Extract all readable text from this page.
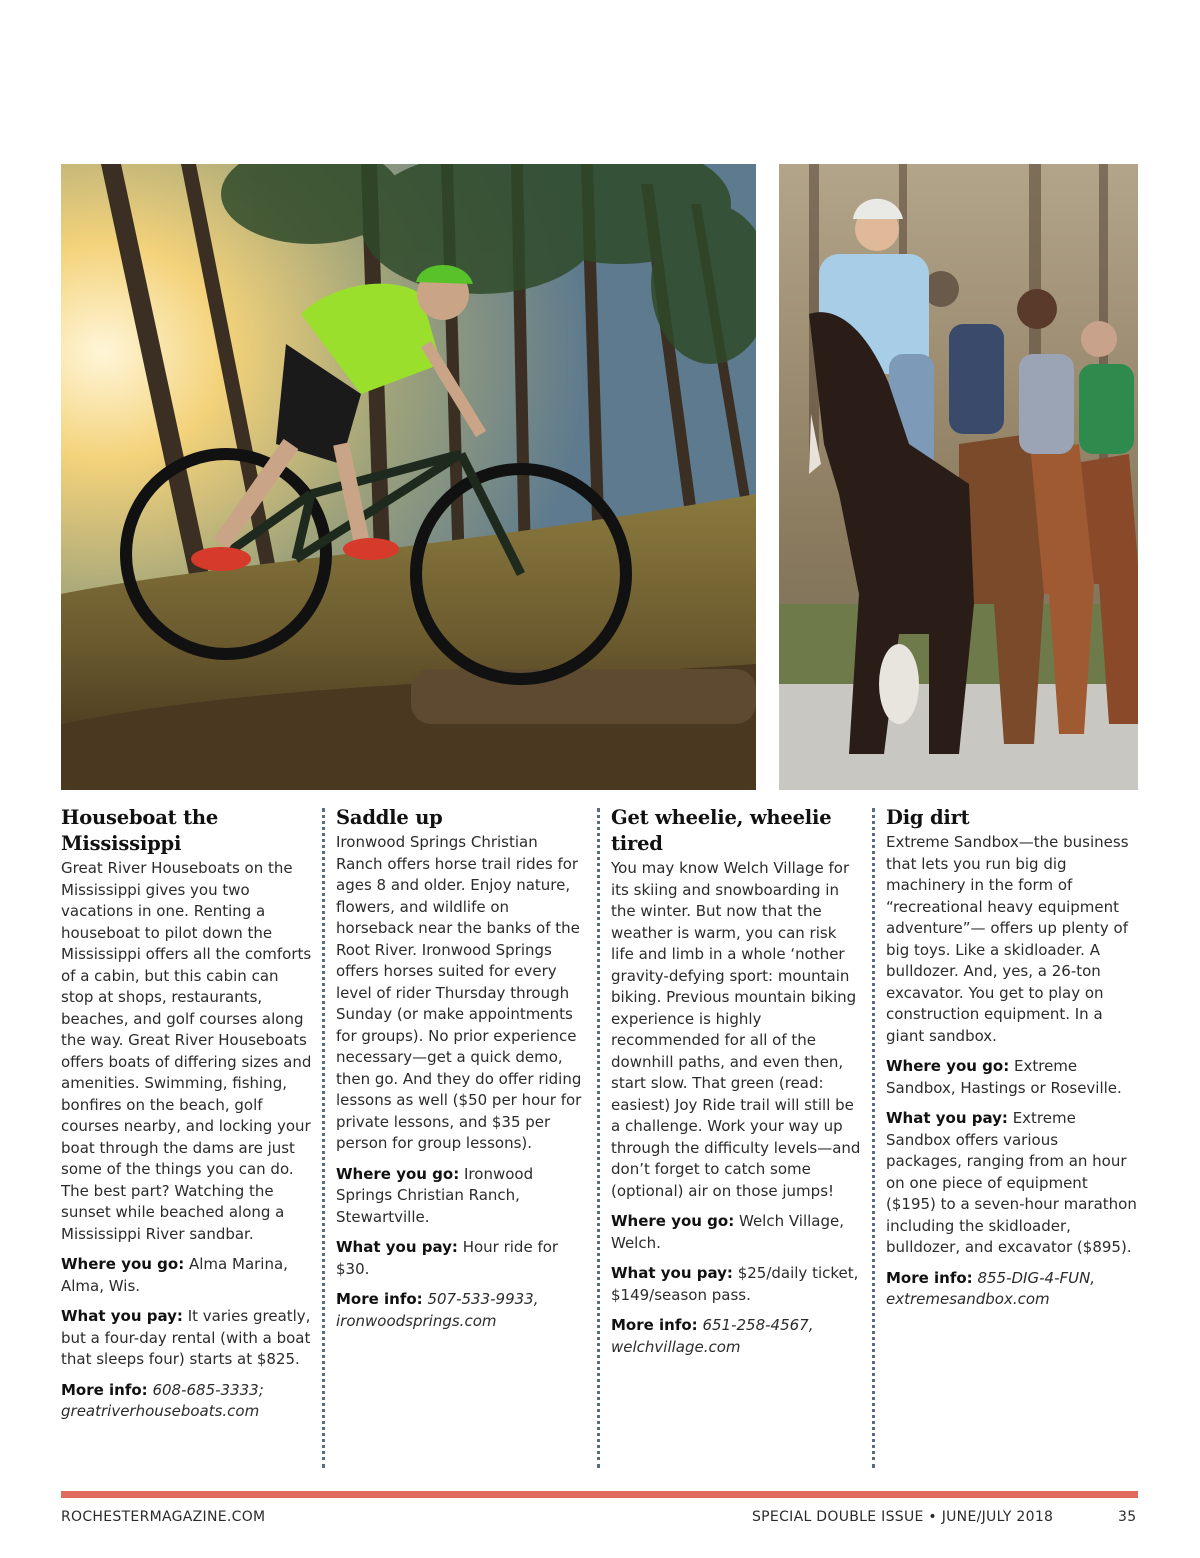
Houseboat the Mississippi

Great River Houseboats on the Mississippi gives you two vacations in one. Renting a houseboat to pilot down the Mississippi offers all the comforts of a cabin, but this cabin can stop at shops, restaurants, beaches, and golf courses along the way. Great River Houseboats offers boats of differing sizes and amenities. Swimming, fishing, bonfires on the beach, golf courses nearby, and locking your boat through the dams are just some of the things you can do. The best part? Watching the sunset while beached along a Mississippi River sandbar.

Where you go: Alma Marina, Alma, Wis.

What you pay: It varies greatly, but a four-day rental (with a boat that sleeps four) starts at $825.

More info: 608-685-3333; greatriverhouseboats.com

Saddle up

Ironwood Springs Christian Ranch offers horse trail rides for ages 8 and older. Enjoy nature, flowers, and wildlife on horseback near the banks of the Root River. Ironwood Springs offers horses suited for every level of rider Thursday through Sunday (or make appointments for groups). No prior experience necessary—get a quick demo, then go. And they do offer riding lessons as well ($50 per hour for private lessons, and $35 per person for group lessons).

Where you go: Ironwood Springs Christian Ranch, Stewartville.

What you pay: Hour ride for $30.

More info: 507-533-9933, ironwoodsprings.com

Get wheelie, wheelie tired

You may know Welch Village for its skiing and snowboarding in the winter. But now that the weather is warm, you can risk life and limb in a whole ‘nother gravity-defying sport: mountain biking. Previous mountain biking experience is highly recommended for all of the downhill paths, and even then, start slow. That green (read: easiest) Joy Ride trail will still be a challenge. Work your way up through the difficulty levels—and don’t forget to catch some (optional) air on those jumps!

Where you go: Welch Village, Welch.

What you pay: $25/daily ticket, $149/season pass.

More info: 651-258-4567, welchvillage.com

Dig dirt

Extreme Sandbox—the business that lets you run big dig machinery in the form of “recreational heavy equipment adventure”— offers up plenty of big toys. Like a skidloader. A bulldozer. And, yes, a 26-ton excavator. You get to play on construction equipment. In a giant sandbox.

Where you go: Extreme Sandbox, Hastings or Roseville.

What you pay: Extreme Sandbox offers various packages, ranging from an hour on one piece of equipment ($195) to a seven-hour marathon including the skidloader, bulldozer, and excavator ($895).

More info: 855-DIG-4-FUN, extremesandbox.com

ROCHESTERMAGAZINE.COM	SPECIAL DOUBLE ISSUE • JUNE/JULY 2018	35
